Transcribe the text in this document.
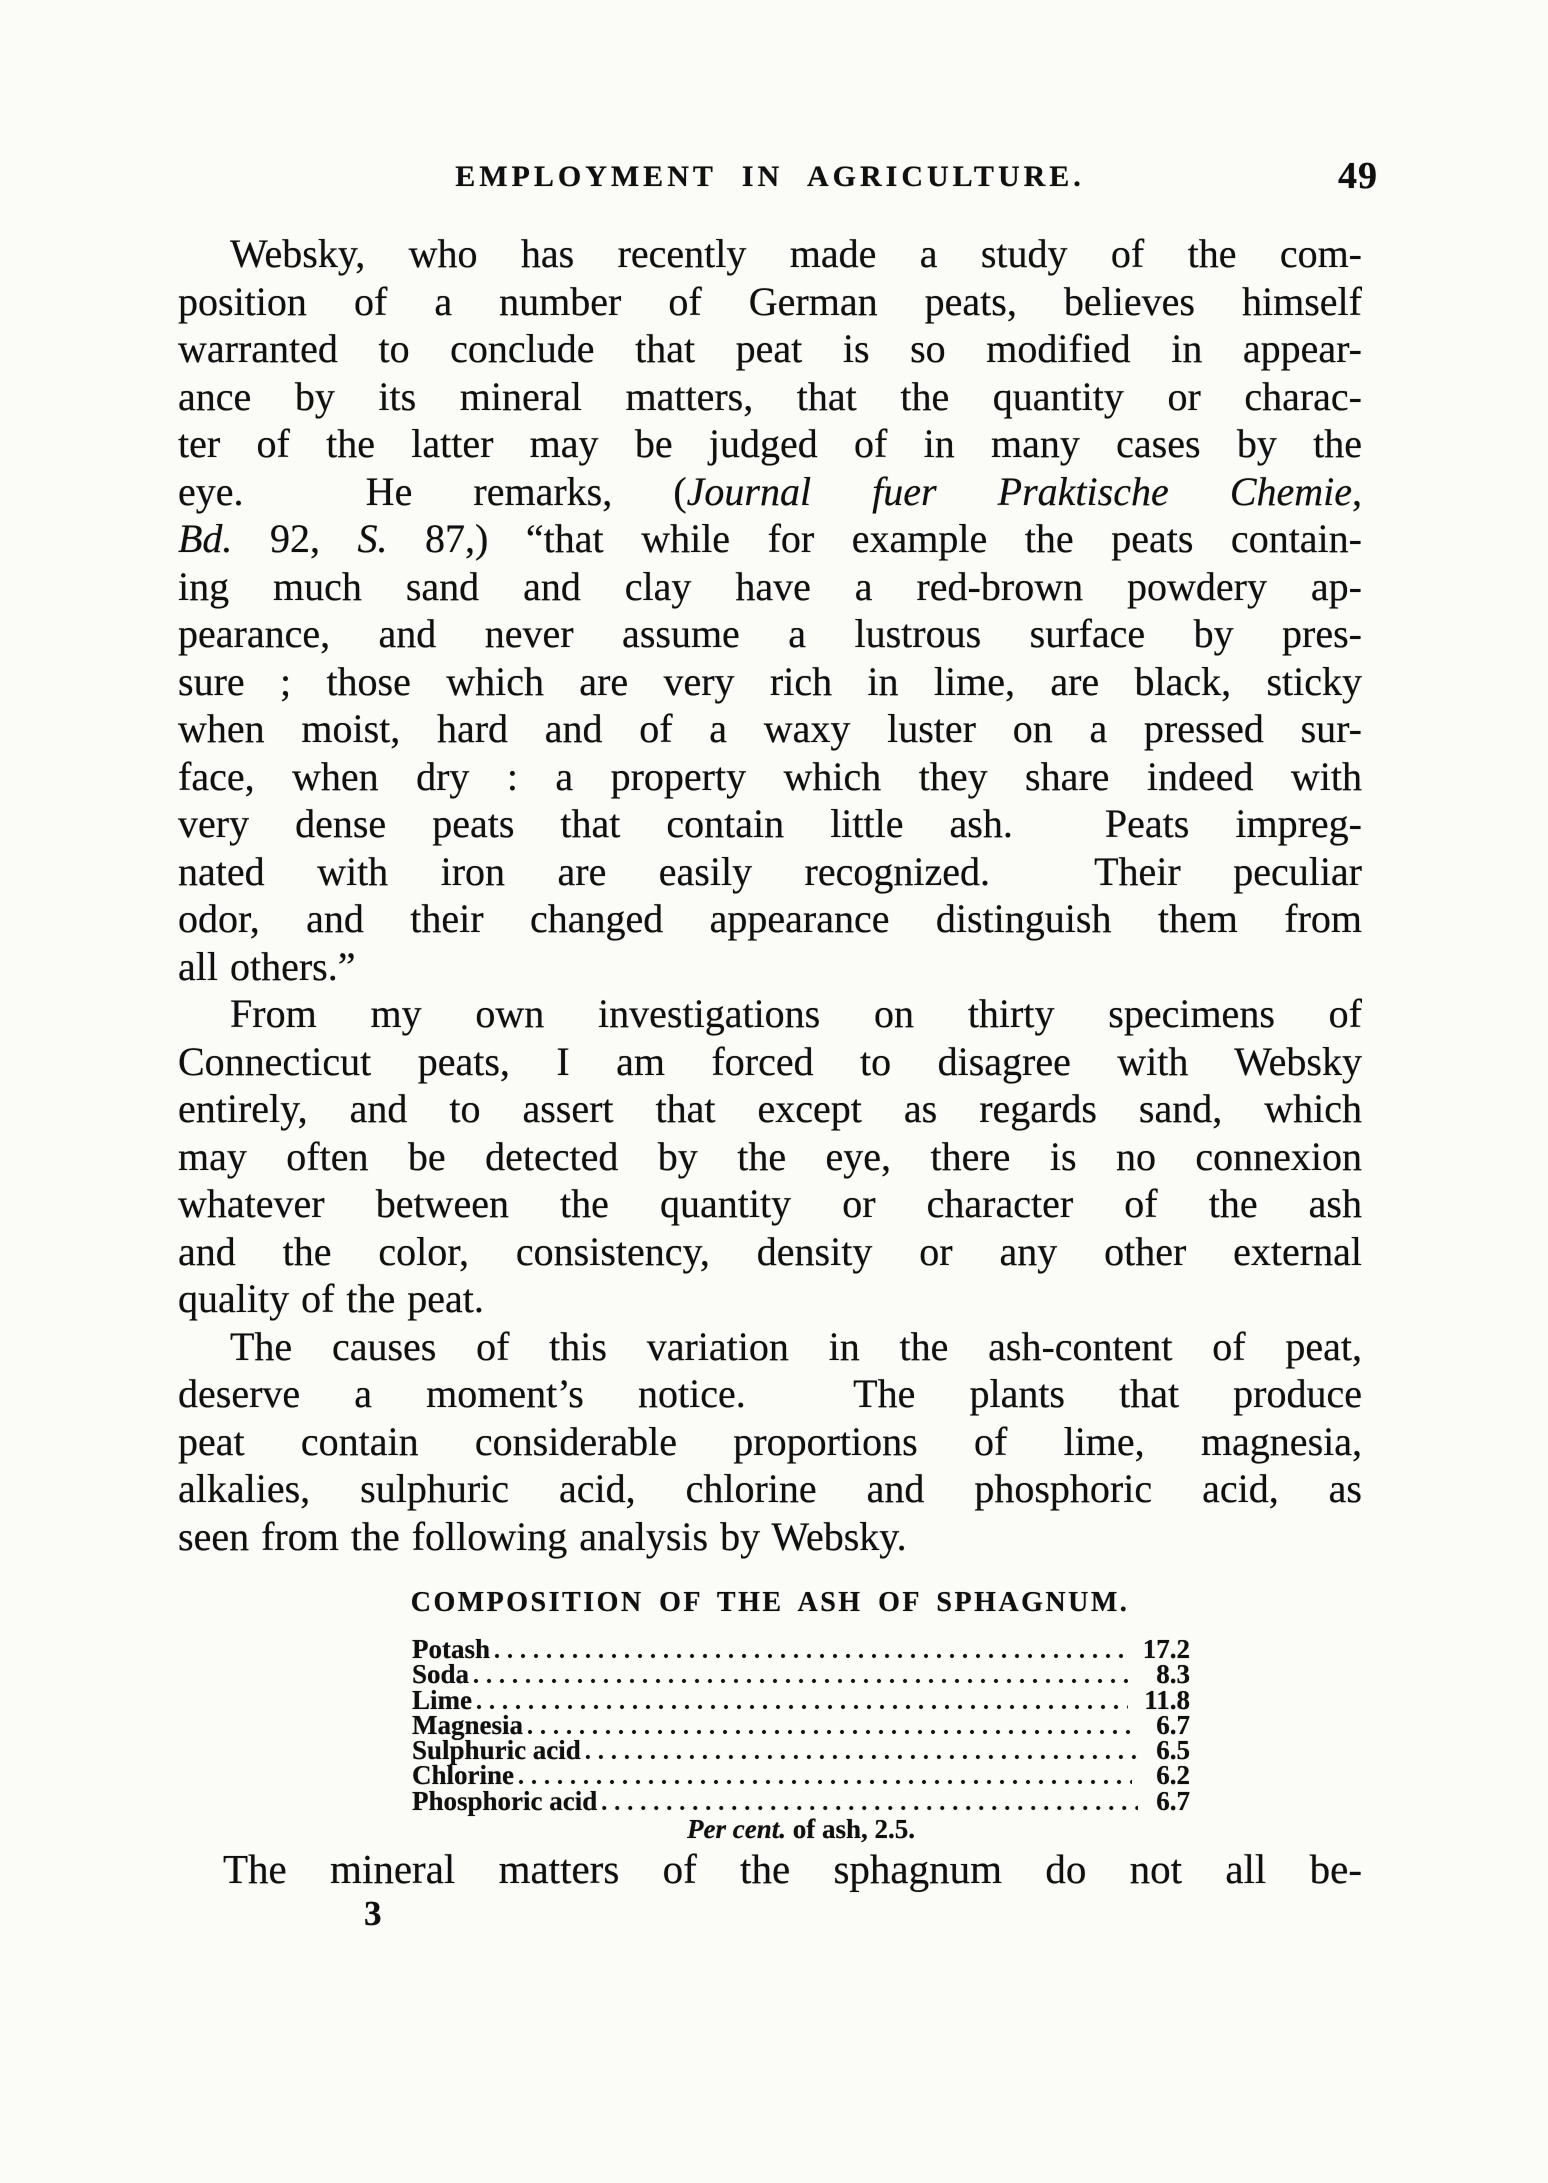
EMPLOYMENT IN AGRICULTURE.	49
Websky, who has recently made a study of the com-
position of a number of German peats, believes himself
warranted to conclude that peat is so modified in appear-
ance by its mineral matters, that the quantity or charac-
ter of the latter may be judged of in many cases by the
eye.  He remarks, (Journal fuer Praktische Chemie,
Bd. 92, S. 87,) “that while for example the peats contain-
ing much sand and clay have a red-brown powdery ap-
pearance, and never assume a lustrous surface by pres-
sure ; those which are very rich in lime, are black, sticky
when moist, hard and of a waxy luster on a pressed sur-
face, when dry : a property which they share indeed with
very dense peats that contain little ash.  Peats impreg-
nated with iron are easily recognized.  Their peculiar
odor, and their changed appearance distinguish them from
all others.”
From my own investigations on thirty specimens of
Connecticut peats, I am forced to disagree with Websky
entirely, and to assert that except as regards sand, which
may often be detected by the eye, there is no connexion
whatever between the quantity or character of the ash
and the color, consistency, density or any other external
quality of the peat.
The causes of this variation in the ash-content of peat,
deserve a moment’s notice.  The plants that produce
peat contain considerable proportions of lime, magnesia,
alkalies, sulphuric acid, chlorine and phosphoric acid, as
seen from the following analysis by Websky.
COMPOSITION OF THE ASH OF SPHAGNUM.
Potash .....	17.2
Soda .....	8.3
Lime .....	11.8
Magnesia .....	6.7
Sulphuric acid .....	6.5
Chlorine .....	6.2
Phosphoric acid .....	6.7
Per cent. of ash, 2.5.
The mineral matters of the sphagnum do not all be-
3
